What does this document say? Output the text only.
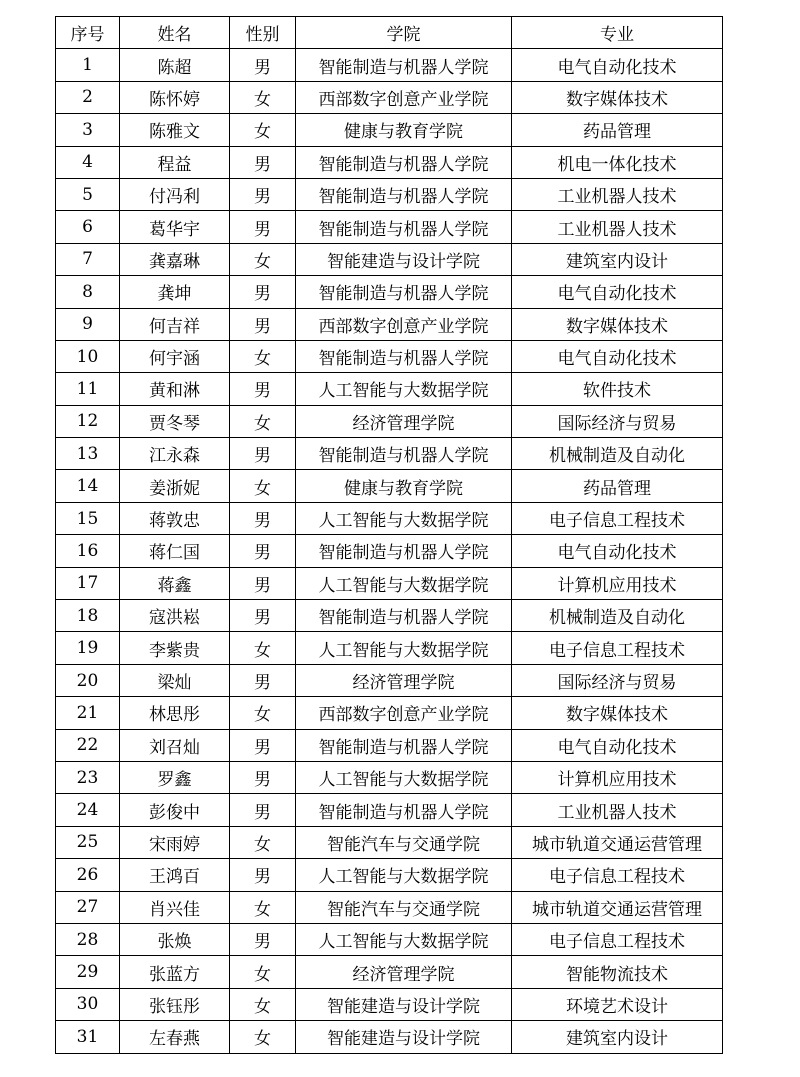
序号	姓名	性别	学院	专业
1	陈超	男	智能制造与机器人学院	电气自动化技术
2	陈怀婷	女	西部数字创意产业学院	数字媒体技术
3	陈雅文	女	健康与教育学院	药品管理
4	程益	男	智能制造与机器人学院	机电一体化技术
5	付冯利	男	智能制造与机器人学院	工业机器人技术
6	葛华宇	男	智能制造与机器人学院	工业机器人技术
7	龚嘉琳	女	智能建造与设计学院	建筑室内设计
8	龚坤	男	智能制造与机器人学院	电气自动化技术
9	何吉祥	男	西部数字创意产业学院	数字媒体技术
10	何宇涵	女	智能制造与机器人学院	电气自动化技术
11	黄和淋	男	人工智能与大数据学院	软件技术
12	贾冬琴	女	经济管理学院	国际经济与贸易
13	江永森	男	智能制造与机器人学院	机械制造及自动化
14	姜浙妮	女	健康与教育学院	药品管理
15	蒋敦忠	男	人工智能与大数据学院	电子信息工程技术
16	蒋仁国	男	智能制造与机器人学院	电气自动化技术
17	蒋鑫	男	人工智能与大数据学院	计算机应用技术
18	寇洪崧	男	智能制造与机器人学院	机械制造及自动化
19	李紫贵	女	人工智能与大数据学院	电子信息工程技术
20	梁灿	男	经济管理学院	国际经济与贸易
21	林思彤	女	西部数字创意产业学院	数字媒体技术
22	刘召灿	男	智能制造与机器人学院	电气自动化技术
23	罗鑫	男	人工智能与大数据学院	计算机应用技术
24	彭俊中	男	智能制造与机器人学院	工业机器人技术
25	宋雨婷	女	智能汽车与交通学院	城市轨道交通运营管理
26	王鸿百	男	人工智能与大数据学院	电子信息工程技术
27	肖兴佳	女	智能汽车与交通学院	城市轨道交通运营管理
28	张焕	男	人工智能与大数据学院	电子信息工程技术
29	张蓝方	女	经济管理学院	智能物流技术
30	张钰彤	女	智能建造与设计学院	环境艺术设计
31	左春燕	女	智能建造与设计学院	建筑室内设计
